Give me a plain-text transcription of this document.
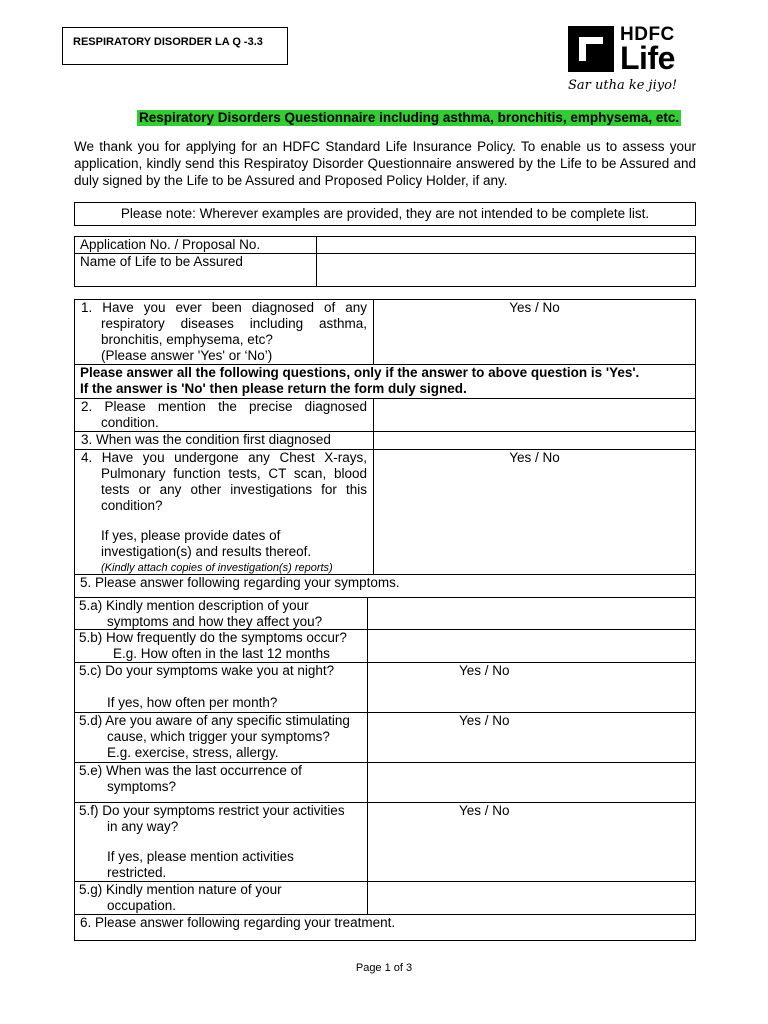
RESPIRATORY DISORDER LA Q -3.3	HDFC
Life
Sar utha ke jiyo!
Respiratory Disorders Questionnaire including asthma, bronchitis, emphysema, etc.
We thank you for applying for an HDFC Standard Life Insurance Policy. To enable us to assess your application, kindly send this Respiratoy Disorder Questionnaire answered by the Life to be Assured and duly signed by the Life to be Assured and Proposed Policy Holder, if any.
Please note: Wherever examples are provided, they are not intended to be complete list.
Application No. / Proposal No.
Name of Life to be Assured
1. Have you ever been diagnosed of any respiratory diseases including asthma, bronchitis, emphysema, etc?
(Please answer 'Yes' or ‘No’)
Yes / No
Please answer all the following questions, only if the answer to above question is 'Yes'.
If the answer is 'No' then please return the form duly signed.
2. Please mention the precise diagnosed condition.
3. When was the condition first diagnosed
4. Have you undergone any Chest X-rays, Pulmonary function tests, CT scan, blood tests or any other investigations for this condition?
If yes, please provide dates of investigation(s) and results thereof.
(Kindly attach copies of investigation(s) reports)
Yes / No
5. Please answer following regarding your symptoms.
5.a) Kindly mention description of your
symptoms and how they affect you?
5.b) How frequently do the symptoms occur?
E.g. How often in the last 12 months
5.c) Do your symptoms wake you at night?
If yes, how often per month?
Yes / No
5.d) Are you aware of any specific stimulating
cause, which trigger your symptoms?
E.g. exercise, stress, allergy.
Yes / No
5.e) When was the last occurrence of
symptoms?
5.f) Do your symptoms restrict your activities
in any way?
If yes, please mention activities
restricted.
Yes / No
5.g) Kindly mention nature of your
occupation.
6. Please answer following regarding your treatment.
Page 1 of 3
